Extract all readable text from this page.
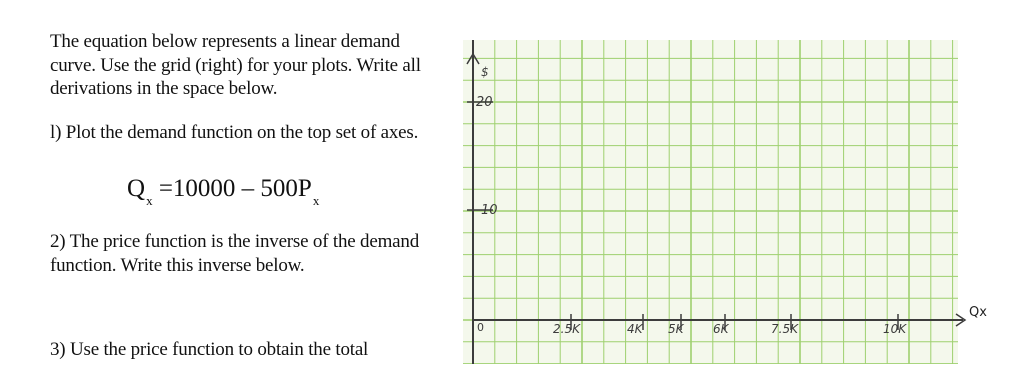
The equation below represents a linear demand curve. Use the grid (right) for your plots. Write all derivations in the space below.

l) Plot the demand function on the top set of axes.

$Q_x =10000 - 500P_x$

2) The price function is the inverse of the demand function. Write this inverse below.

3) Use the price function to obtain the total

$
20
10
0	2.5K	4K 5K 6K	7.5K	10K
Qx
